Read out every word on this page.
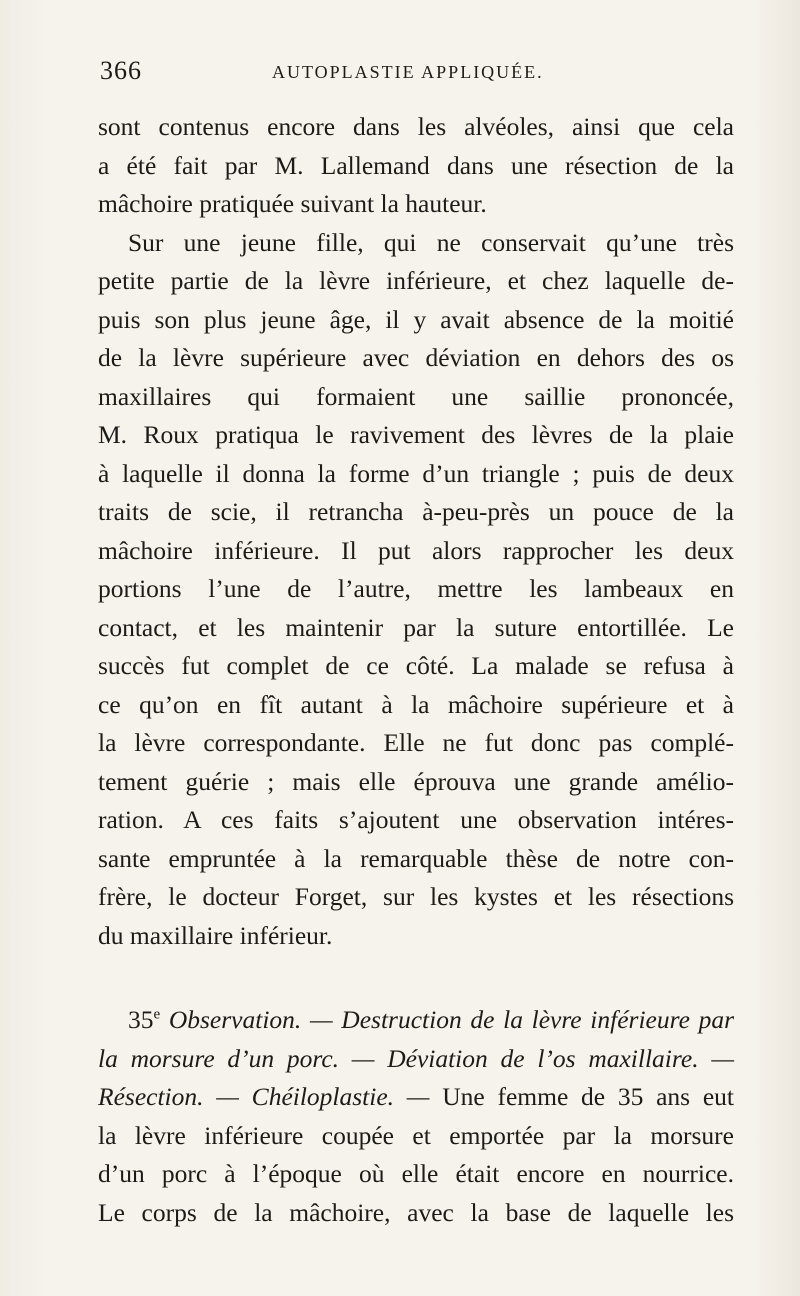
366	AUTOPLASTIE APPLIQUÉE.
sont contenus encore dans les alvéoles, ainsi que cela
a été fait par M. Lallemand dans une résection de la
mâchoire pratiquée suivant la hauteur.
Sur une jeune fille, qui ne conservait qu’une très
petite partie de la lèvre inférieure, et chez laquelle de-
puis son plus jeune âge, il y avait absence de la moitié
de la lèvre supérieure avec déviation en dehors des os
maxillaires qui formaient une saillie prononcée,
M. Roux pratiqua le ravivement des lèvres de la plaie
à laquelle il donna la forme d’un triangle ; puis de deux
traits de scie, il retrancha à-peu-près un pouce de la
mâchoire inférieure. Il put alors rapprocher les deux
portions l’une de l’autre, mettre les lambeaux en
contact, et les maintenir par la suture entortillée. Le
succès fut complet de ce côté. La malade se refusa à
ce qu’on en fît autant à la mâchoire supérieure et à
la lèvre correspondante. Elle ne fut donc pas complé-
tement guérie ; mais elle éprouva une grande amélio-
ration. A ces faits s’ajoutent une observation intéres-
sante empruntée à la remarquable thèse de notre con-
frère, le docteur Forget, sur les kystes et les résections
du maxillaire inférieur.
35e Observation. — Destruction de la lèvre inférieure par
la morsure d’un porc. — Déviation de l’os maxillaire. —
Résection. — Chéiloplastie. — Une femme de 35 ans eut
la lèvre inférieure coupée et emportée par la morsure
d’un porc à l’époque où elle était encore en nourrice.
Le corps de la mâchoire, avec la base de laquelle les
